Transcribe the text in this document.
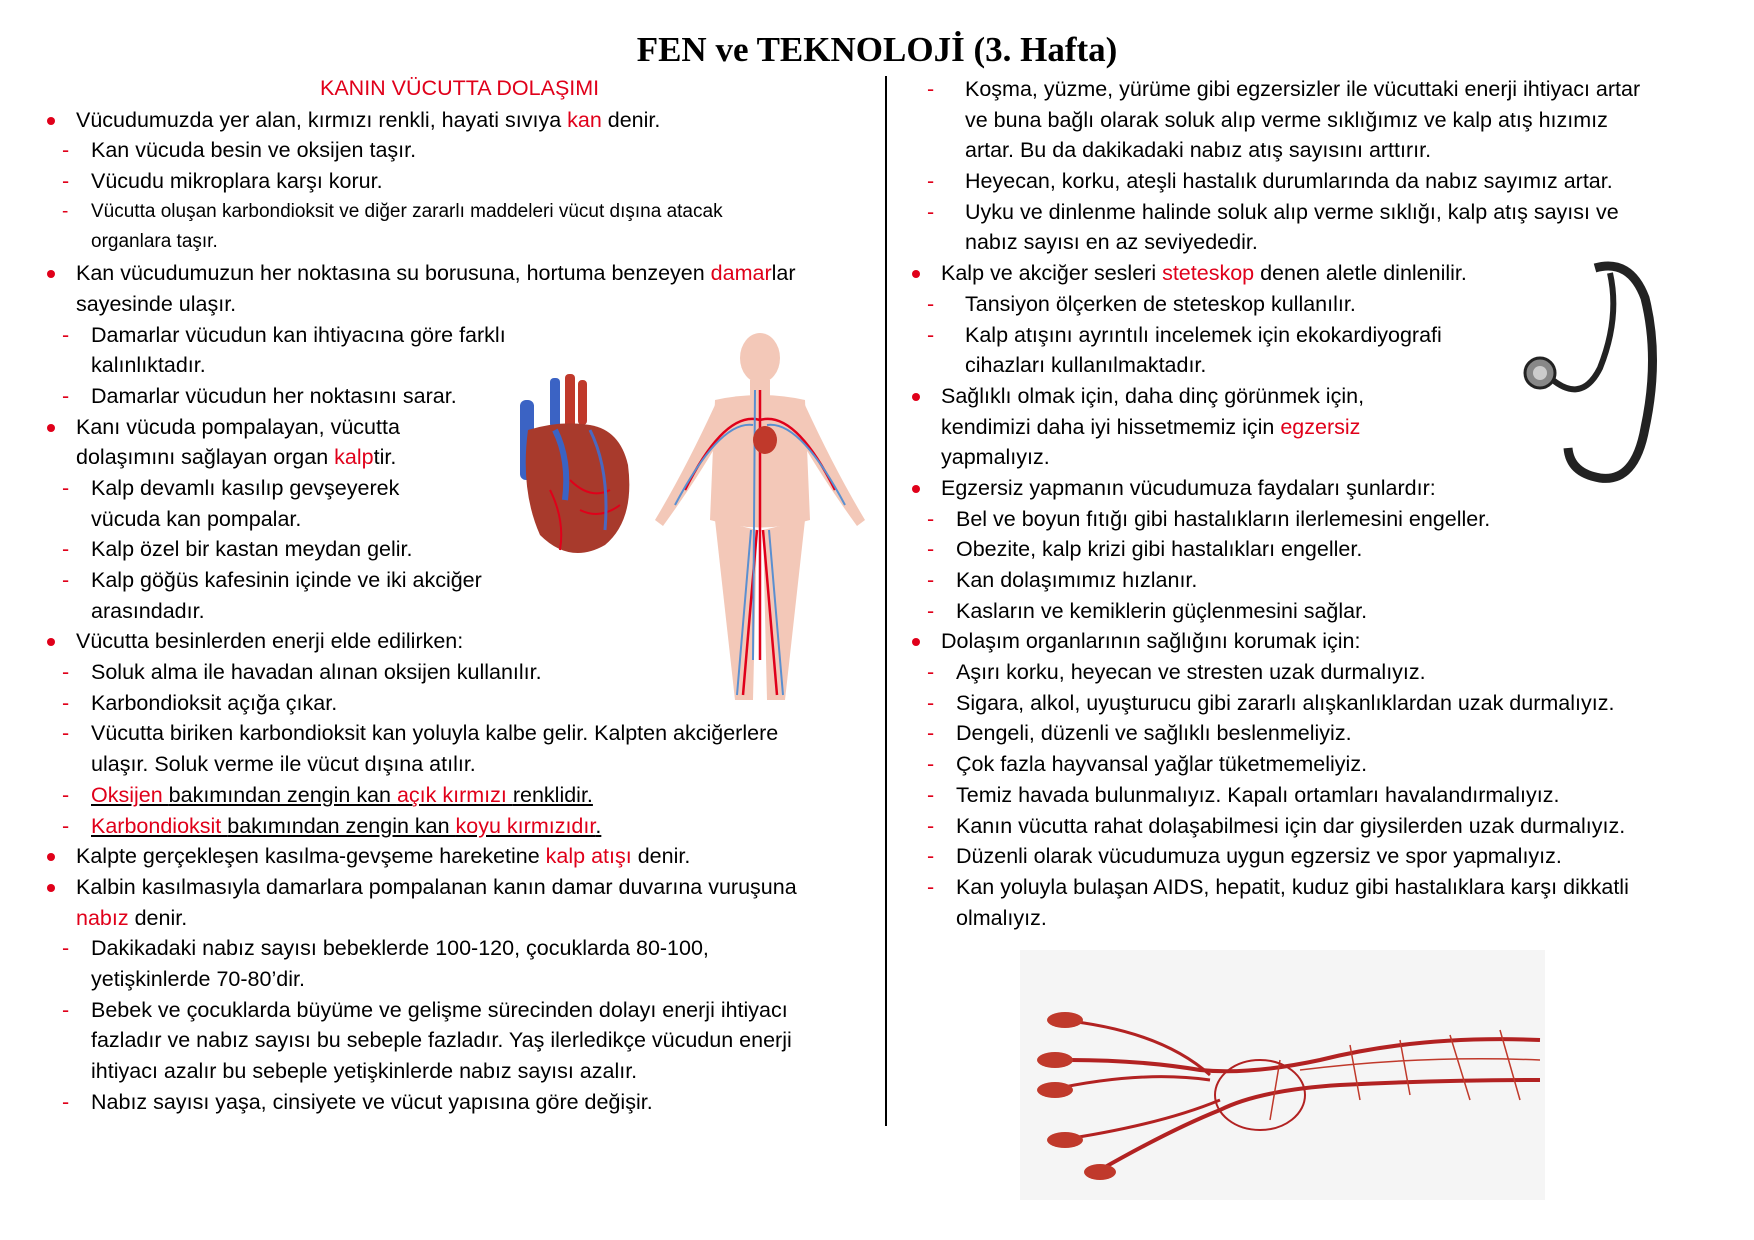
FEN ve TEKNOLOJİ (3. Hafta)
KANIN VÜCUTTA DOLAŞIMI
Vücudumuzda yer alan, kırmızı renkli, hayati sıvıya kan denir.
- Kan vücuda besin ve oksijen taşır.
- Vücudu mikroplara karşı korur.
- Vücutta oluşan karbondioksit ve diğer zararlı maddeleri vücut dışına atacak
organlara taşır.
Kan vücudumuzun her noktasına su borusuna, hortuma benzeyen damarlar
sayesinde ulaşır.
- Damarlar vücudun kan ihtiyacına göre farklı
kalınlıktadır.
- Damarlar vücudun her noktasını sarar.
Kanı vücuda pompalayan, vücutta
dolaşımını sağlayan organ kalptir.
- Kalp devamlı kasılıp gevşeyerek
vücuda kan pompalar.
- Kalp özel bir kastan meydan gelir.
- Kalp göğüs kafesinin içinde ve iki akciğer
arasındadır.
Vücutta besinlerden enerji elde edilirken:
- Soluk alma ile havadan alınan oksijen kullanılır.
- Karbondioksit açığa çıkar.
- Vücutta biriken karbondioksit kan yoluyla kalbe gelir. Kalpten akciğerlere
ulaşır. Soluk verme ile vücut dışına atılır.
- Oksijen bakımından zengin kan açık kırmızı renklidir.
- Karbondioksit bakımından zengin kan koyu kırmızıdır.
Kalpte gerçekleşen kasılma-gevşeme hareketine kalp atışı denir.
Kalbin kasılmasıyla damarlara pompalanan kanın damar duvarına vuruşuna
nabız denir.
- Dakikadaki nabız sayısı bebeklerde 100-120, çocuklarda 80-100,
yetişkinlerde 70-80’dir.
- Bebek ve çocuklarda büyüme ve gelişme sürecinden dolayı enerji ihtiyacı
fazladır ve nabız sayısı bu sebeple fazladır. Yaş ilerledikçe vücudun enerji
ihtiyacı azalır bu sebeple yetişkinlerde nabız sayısı azalır.
- Nabız sayısı yaşa, cinsiyete ve vücut yapısına göre değişir.
- Koşma, yüzme, yürüme gibi egzersizler ile vücuttaki enerji ihtiyacı artar
ve buna bağlı olarak soluk alıp verme sıklığımız ve kalp atış hızımız
artar. Bu da dakikadaki nabız atış sayısını arttırır.
- Heyecan, korku, ateşli hastalık durumlarında da nabız sayımız artar.
- Uyku ve dinlenme halinde soluk alıp verme sıklığı, kalp atış sayısı ve
nabız sayısı en az seviyededir.
Kalp ve akciğer sesleri steteskop denen aletle dinlenilir.
- Tansiyon ölçerken de steteskop kullanılır.
- Kalp atışını ayrıntılı incelemek için ekokardiyografi
cihazları kullanılmaktadır.
Sağlıklı olmak için, daha dinç görünmek için,
kendimizi daha iyi hissetmemiz için egzersiz
yapmalıyız.
Egzersiz yapmanın vücudumuza faydaları şunlardır:
- Bel ve boyun fıtığı gibi hastalıkların ilerlemesini engeller.
- Obezite, kalp krizi gibi hastalıkları engeller.
- Kan dolaşımımız hızlanır.
- Kasların ve kemiklerin güçlenmesini sağlar.
Dolaşım organlarının sağlığını korumak için:
- Aşırı korku, heyecan ve stresten uzak durmalıyız.
- Sigara, alkol, uyuşturucu gibi zararlı alışkanlıklardan uzak durmalıyız.
- Dengeli, düzenli ve sağlıklı beslenmeliyiz.
- Çok fazla hayvansal yağlar tüketmemeliyiz.
- Temiz havada bulunmalıyız. Kapalı ortamları havalandırmalıyız.
- Kanın vücutta rahat dolaşabilmesi için dar giysilerden uzak durmalıyız.
- Düzenli olarak vücudumuza uygun egzersiz ve spor yapmalıyız.
- Kan yoluyla bulaşan AIDS, hepatit, kuduz gibi hastalıklara karşı dikkatli
olmalıyız.
